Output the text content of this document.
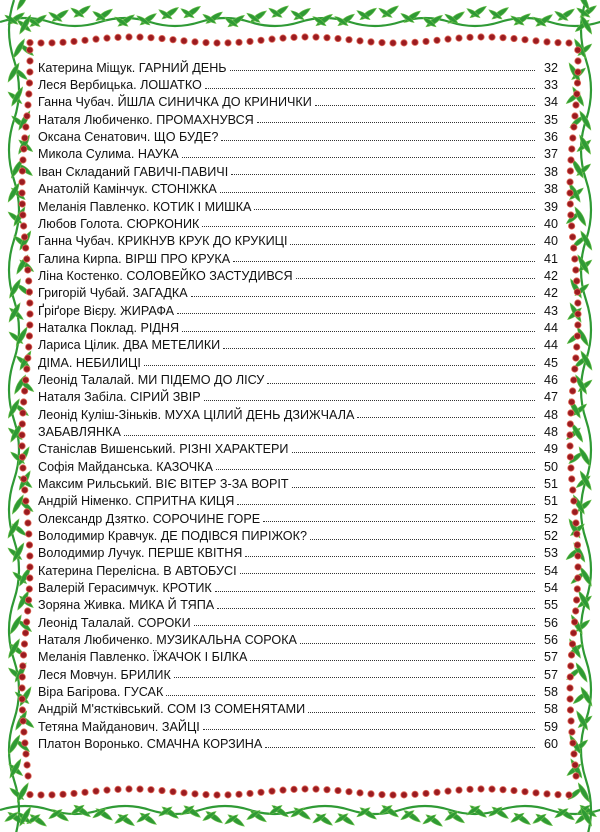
Катерина Міщук. ГАРНИЙ ДЕНЬ	32
Леся Вербицька. ЛОШАТКО	33
Ганна Чубач. ЙШЛА СИНИЧКА ДО КРИНИЧКИ	34
Наталя Любиченко. ПРОМАХНУВСЯ	35
Оксана Сенатович. ЩО БУДЕ?	36
Микола Сулима. НАУКА	37
Іван Складаний ГАВИЧІ-ПАВИЧІ	38
Анатолій Камінчук. СТОНІЖКА	38
Меланія Павленко. КОТИК І МИШКА	39
Любов Голота. СЮРКОНИК	40
Ганна Чубач. КРИКНУВ КРУК ДО КРУКИЦІ	40
Галина Кирпа. ВІРШ ПРО КРУКА	41
Ліна Костенко. СОЛОВЕЙКО ЗАСТУДИВСЯ	42
Григорій Чубай. ЗАГАДКА	42
Ґріґоре Вієру. ЖИРАФА	43
Наталка Поклад. РІДНЯ	44
Лариса Цілик. ДВА МЕТЕЛИКИ	44
ДІМА. НЕБИЛИЦІ	45
Леонід Талалай. МИ ПІДЕМО ДО ЛІСУ	46
Наталя Забіла. СІРИЙ ЗВІР	47
Леонід Куліш-Зіньків. МУХА ЦІЛИЙ ДЕНЬ ДЗИЖЧАЛА	48
ЗАБАВЛЯНКА	48
Станіслав Вишенський. РІЗНІ ХАРАКТЕРИ	49
Софія Майданська. КАЗОЧКА	50
Максим Рильський. ВІЄ ВІТЕР З-ЗА ВОРІТ	51
Андрій Німенко. СПРИТНА КИЦЯ	51
Олександр Дзятко. СОРОЧИНЕ ГОРЕ	52
Володимир Кравчук. ДЕ ПОДІВСЯ ПИРІЖОК?	52
Володимир Лучук. ПЕРШЕ КВІТНЯ	53
Катерина Перелісна. В АВТОБУСІ	54
Валерій Герасимчук. КРОТИК	54
Зоряна Живка. МИКА Й ТЯПА	55
Леонід Талалай. СОРОКИ	56
Наталя Любиченко. МУЗИКАЛЬНА СОРОКА	56
Меланія Павленко. ЇЖАЧОК І БІЛКА	57
Леся Мовчун. БРИЛИК	57
Віра Багірова. ГУСАК	58
Андрій М'ястківський. СОМ ІЗ СОМЕНЯТАМИ	58
Тетяна Майданович. ЗАЙЦІ	59
Платон Воронько. СМАЧНА КОРЗИНА	60
